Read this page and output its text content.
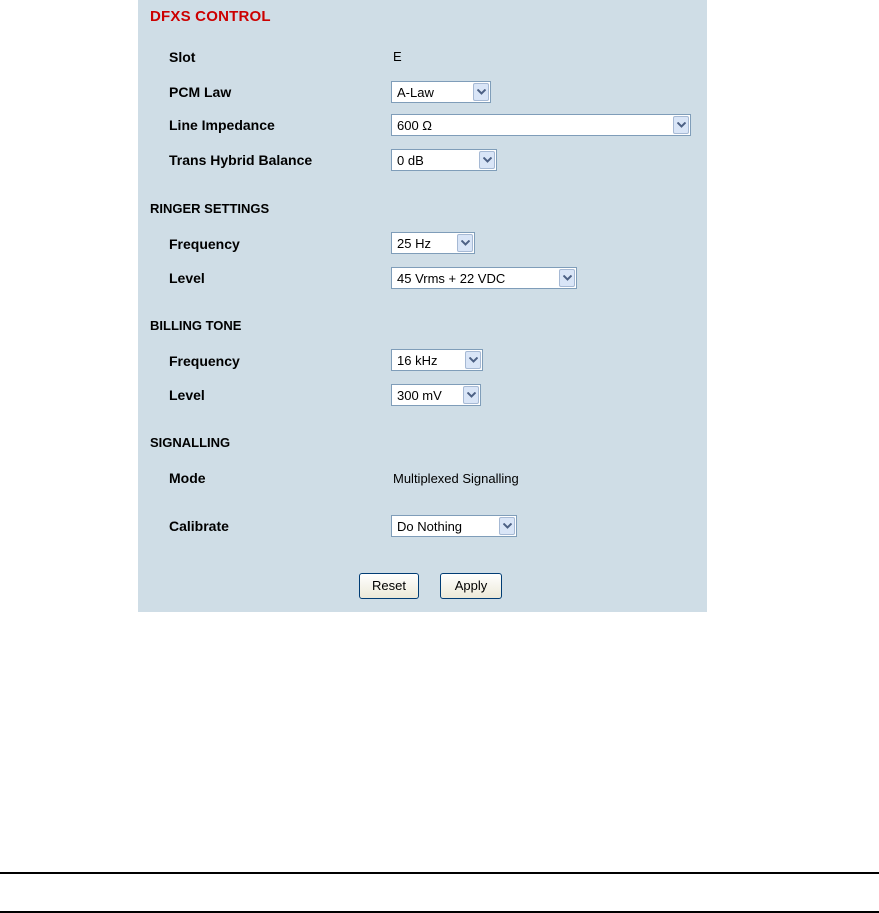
DFXS CONTROL
Slot	E
PCM Law	A-Law
Line Impedance	600 Ω
Trans Hybrid Balance	0 dB
RINGER SETTINGS
Frequency	25 Hz
Level	45 Vrms + 22 VDC
BILLING TONE
Frequency	16 kHz
Level	300 mV
SIGNALLING
Mode	Multiplexed Signalling
Calibrate	Do Nothing
Reset	Apply
